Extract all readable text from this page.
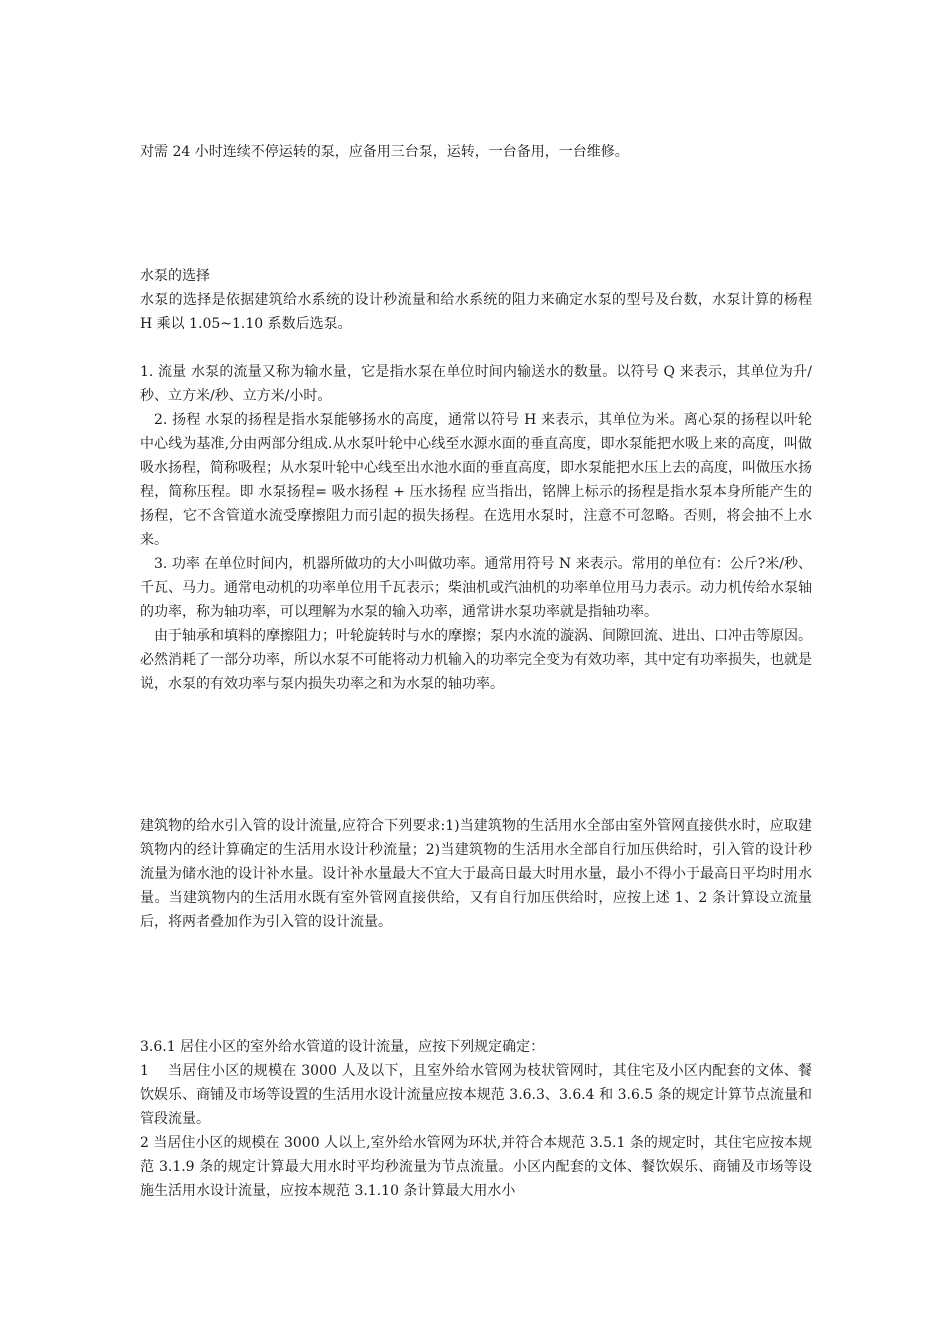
对需 24 小时连续不停运转的泵，应备用三台泵，运转，一台备用，一台维修。

水泵的选择

水泵的选择是依据建筑给水系统的设计秒流量和给水系统的阻力来确定水泵的型号及台数，水泵计算的杨程 H 乘以 1.05~1.10 系数后选泵。

1. 流量 水泵的流量又称为输水量，它是指水泵在单位时间内输送水的数量。以符号 Q 来表示，其单位为升/秒、立方米/秒、立方米/小时。

2. 扬程 水泵的扬程是指水泵能够扬水的高度，通常以符号 H 来表示，其单位为米。离心泵的扬程以叶轮中心线为基准,分由两部分组成.从水泵叶轮中心线至水源水面的垂直高度，即水泵能把水吸上来的高度，叫做吸水扬程，简称吸程；从水泵叶轮中心线至出水池水面的垂直高度，即水泵能把水压上去的高度，叫做压水扬程，简称压程。即 水泵扬程= 吸水扬程 + 压水扬程 应当指出，铭牌上标示的扬程是指水泵本身所能产生的扬程，它不含管道水流受摩擦阻力而引起的损失扬程。在选用水泵时，注意不可忽略。否则，将会抽不上水来。

3. 功率 在单位时间内，机器所做功的大小叫做功率。通常用符号 N 来表示。常用的单位有：公斤?米/秒、千瓦、马力。通常电动机的功率单位用千瓦表示；柴油机或汽油机的功率单位用马力表示。动力机传给水泵轴的功率，称为轴功率，可以理解为水泵的输入功率，通常讲水泵功率就是指轴功率。

由于轴承和填料的摩擦阻力；叶轮旋转时与水的摩擦；泵内水流的漩涡、间隙回流、进出、口冲击等原因。必然消耗了一部分功率，所以水泵不可能将动力机输入的功率完全变为有效功率，其中定有功率损失，也就是说，水泵的有效功率与泵内损失功率之和为水泵的轴功率。

建筑物的给水引入管的设计流量,应符合下列要求:1)当建筑物的生活用水全部由室外管网直接供水时，应取建筑物内的经计算确定的生活用水设计秒流量；2)当建筑物的生活用水全部自行加压供给时，引入管的设计秒流量为储水池的设计补水量。设计补水量最大不宜大于最高日最大时用水量，最小不得小于最高日平均时用水量。当建筑物内的生活用水既有室外管网直接供给，又有自行加压供给时，应按上述 1、2 条计算设立流量后，将两者叠加作为引入管的设计流量。

3.6.1 居住小区的室外给水管道的设计流量，应按下列规定确定：

1　 当居住小区的规模在 3000 人及以下，且室外给水管网为枝状管网时，其住宅及小区内配套的文体、餐饮娱乐、商铺及市场等设置的生活用水设计流量应按本规范 3.6.3、3.6.4 和 3.6.5 条的规定计算节点流量和管段流量。

2 当居住小区的规模在 3000 人以上,室外给水管网为环状,并符合本规范 3.5.1 条的规定时，其住宅应按本规范 3.1.9 条的规定计算最大用水时平均秒流量为节点流量。小区内配套的文体、餐饮娱乐、商铺及市场等设施生活用水设计流量，应按本规范 3.1.10 条计算最大用水小
